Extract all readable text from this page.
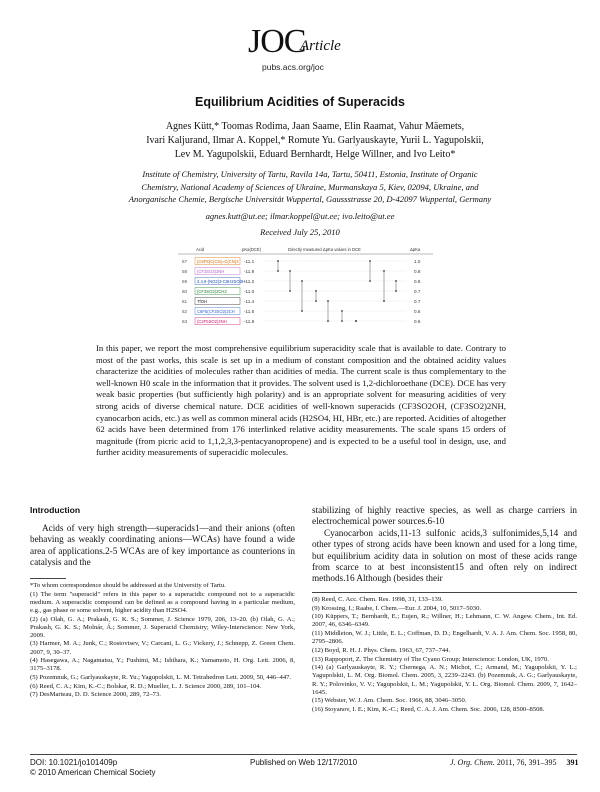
JOC
Article
pubs.acs.org/joc
Equilibrium Acidities of Superacids
Agnes Kütt,* Toomas Rodima, Jaan Saame, Elin Raamat, Vahur Mäemets,
Ivari Kaljurand, Ilmar A. Koppel,* Romute Yu. Garlyauskayte, Yurii L. Yagupolskii,
Lev M. Yagupolskii, Eduard Bernhardt, Helge Willner, and Ivo Leito*
Institute of Chemistry, University of Tartu, Ravila 14a, Tartu, 50411, Estonia, Institute of Organic
Chemistry, National Academy of Sciences of Ukraine, Murmanskaya 5, Kiev, 02094, Ukraine, and
Anorganische Chemie, Bergische Universität Wuppertal, Gaussstrasse 20, D-42097 Wuppertal, Germany
agnes.kutt@ut.ee; ilmar.koppel@ut.ee; ivo.leito@ut.ee
Received July 25, 2010
Acid	pKa(DCE)	Directly measured ΔpKa values in DCE	ΔpKa
57 (C6F5)C(CN)=C(CN)2 -11.1	1.0
58 (CF3SO2)2NH	-11.9	0.8
59 2,4,6-(NO2)3-C6H2SO3H -11.2	0.8
60 (CF3SO2)2CH2	-11.0	0.7
61 TfOH	-11.4	0.7
62 C6F5(CF3SO2)2CH -11.5	0.6
63 (C2F5SO2)2NH	-11.8	0.6
In this paper, we report the most comprehensive equilibrium superacidity scale that is available to date. Contrary to most of the past works, this scale is set up in a medium of constant composition and the obtained acidity values characterize the acidities of molecules rather than acidities of media. The current scale is thus complementary to the well-known H0 scale in the information that it provides. The solvent used is 1,2-dichloroethane (DCE). DCE has very weak basic properties (but sufficiently high polarity) and is an appropriate solvent for measuring acidities of very strong acids of diverse chemical nature. DCE acidities of well-known superacids (CF3SO2OH, (CF3SO2)2NH, cyanocarbon acids, etc.) as well as common mineral acids (H2SO4, HI, HBr, etc.) are reported. Acidities of altogether 62 acids have been determined from 176 interlinked relative acidity measurements. The scale spans 15 orders of magnitude (from picric acid to 1,1,2,3,3-pentacyanopropene) and is expected to be a useful tool in design, use, and further acidity measurements of superacidic molecules.
Introduction
Acids of very high strength—superacids1—and their anions (often behaving as weakly coordinating anions—WCAs) have found a wide area of applications.2-5 WCAs are of key importance as counterions in catalysis and the
stabilizing of highly reactive species, as well as charge carriers in electrochemical power sources.6-10
Cyanocarbon acids,11-13 sulfonic acids,3 sulfonimides,5,14 and other types of strong acids have been known and used for a long time, but equilibrium acidity data in solution on most of these acids range from scarce to at best inconsistent15 and often rely on indirect methods.16 Although (besides their

*To whom correspondence should be addressed at the University of Tartu.

(1) The term "superacid" refers in this paper to a superacidic compound not to a superacidic medium. A superacidic compound can be defined as a compound having in a particular medium, e.g., gas phase or some solvent, higher acidity than H2SO4.

(2) (a) Olah, G. A.; Prakash, G. K. S.; Sommer, J. Science 1979, 206, 13–20. (b) Olah, G. A.; Prakash, G. K. S.; Molnár, Á.; Sommer, J. Superacid Chemistry; Wiley-Interscience: New York, 2009.

(3) Harmer, M. A.; Junk, C.; Rostovtsev, V.; Carcani, L. G.; Vickery, J.; Schnepp, Z. Green Chem. 2007, 9, 30–37.

(4) Hasegawa, A.; Nagamatsu, Y.; Fushimi, M.; Ishihara, K.; Yamamoto, H. Org. Lett. 2006, 8, 3175–3178.

(5) Pozemnuk, G.; Garlyauskayte, R. Yu.; Yagupolskii, L. M. Tetrahedron Lett. 2009, 50, 446–447.

(6) Reed, C. A.; Kim, K.-C.; Bolskar, R. D.; Mueller, L. J. Science 2000, 289, 101–104.

(7) DesMarteau, D. D. Science 2000, 289, 72–73.

(8) Reed, C. Acc. Chem. Res. 1998, 31, 133–139.

(9) Krossing, I.; Raabe, I. Chem.—Eur. J. 2004, 10, 5017–5030.

(10) Küppers, T.; Bernhardt, E.; Eujen, R.; Willner, H.; Lehmann, C. W. Angew. Chem., Int. Ed. 2007, 46, 6346–6349.

(11) Middleton, W. J.; Little, E. L.; Coffman, D. D.; Engelhardt, V. A. J. Am. Chem. Soc. 1958, 80, 2795–2806.

(12) Boyd, R. H. J. Phys. Chem. 1963, 67, 737–744.

(13) Rappoport, Z. The Chemistry of The Cyano Group; Interscience: London, UK, 1970.

(14) (a) Garlyauskayte, R. Y.; Chernega, A. N.; Michot, C.; Armand, M.; Yagupolskii, Y. L.; Yagupolskii, L. M. Org. Biomol. Chem. 2005, 3, 2239–2243. (b) Pozemnuk, A. G.; Garlyauskayte, R. Y.; Polovinko, V. V.; Yagupolskii, L. M.; Yagupolskii, Y. L. Org. Biomol. Chem. 2009, 7, 1642–1645.

(15) Webster, W. J. Am. Chem. Soc. 1966, 88, 3046–3050.

(16) Stoyanov, I. E.; Kim, K.-C.; Reed, C. A. J. Am. Chem. Soc. 2006, 128, 8500–8508.

DOI: 10.1021/jo101409p
© 2010 American Chemical Society
Published on Web 12/17/2010	J. Org. Chem. 2011, 76, 391–395 391
